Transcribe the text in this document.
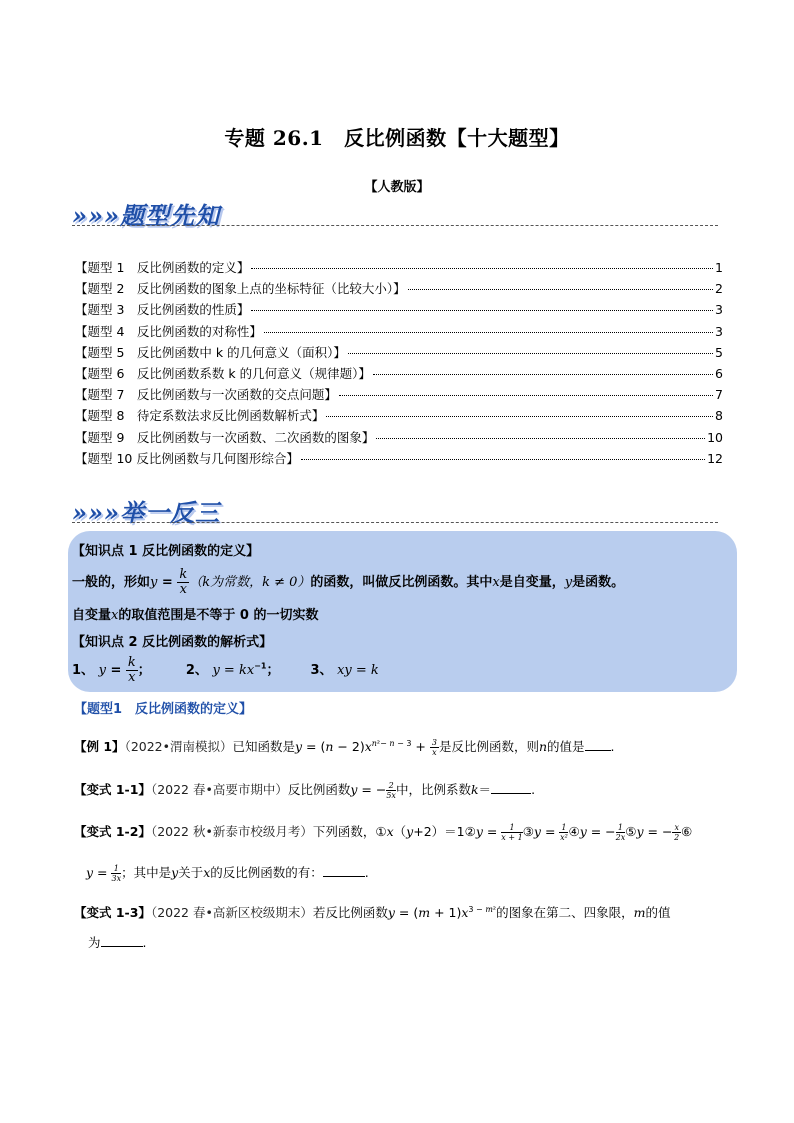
专题 26.1　反比例函数【十大题型】
【人教版】
»»»题型先知
【题型 1　反比例函数的定义】	1
【题型 2　反比例函数的图象上点的坐标特征（比较大小）】	2
【题型 3　反比例函数的性质】	3
【题型 4　反比例函数的对称性】	3
【题型 5　反比例函数中 k 的几何意义（面积）】	5
【题型 6　反比例函数系数 k 的几何意义（规律题）】	6
【题型 7　反比例函数与一次函数的交点问题】	7
【题型 8　待定系数法求反比例函数解析式】	8
【题型 9　反比例函数与一次函数、二次函数的图象】	10
【题型 10 反比例函数与几何图形综合】	12
»»»举一反三
【知识点 1 反比例函数的定义】
一般的，形如$y = \frac{k}{x} (k$为常数，k ≠ 0）的函数，叫做反比例函数。其中x是自变量，y是函数。
自变量x的取值范围是不等于 0 的一切实数
【知识点 2 反比例函数的解析式】
1、 $y = \frac{k}{x}$ ；	2、 $y = kx^{-1}$； 3、 xy = k
【题型1　反比例函数的定义】
【例 1】（2022•渭南模拟）已知函数是$y = (n - 2)x^{n^2- n - 3} + \frac{3}{x}$ 是反比例函数，则n的值是 .
【变式 1-1】（2022 春•高要市期中）反比例函数y = − $\frac{2}{5x}$ 中，比例系数k＝	.
【变式 1-2】（2022 秋•新泰市校级月考）下列函数，①x（y+2）＝1②y = $\frac{1}{x + 1}$ ③y = $\frac{1}{\text{x²}}$ ④y = − $\frac{1}{2x}$ ⑤y = − $\frac{x}{2}$ ⑥
$y = \frac{1}{3x}$ ；其中是y关于x的反比例函数的有：	.
【变式 1-3】（2022 春•高新区校级期末）若反比例函数$y = (m + 1)x^{3 - m^2}$的图象在第二、四象限，m的值
为	.
